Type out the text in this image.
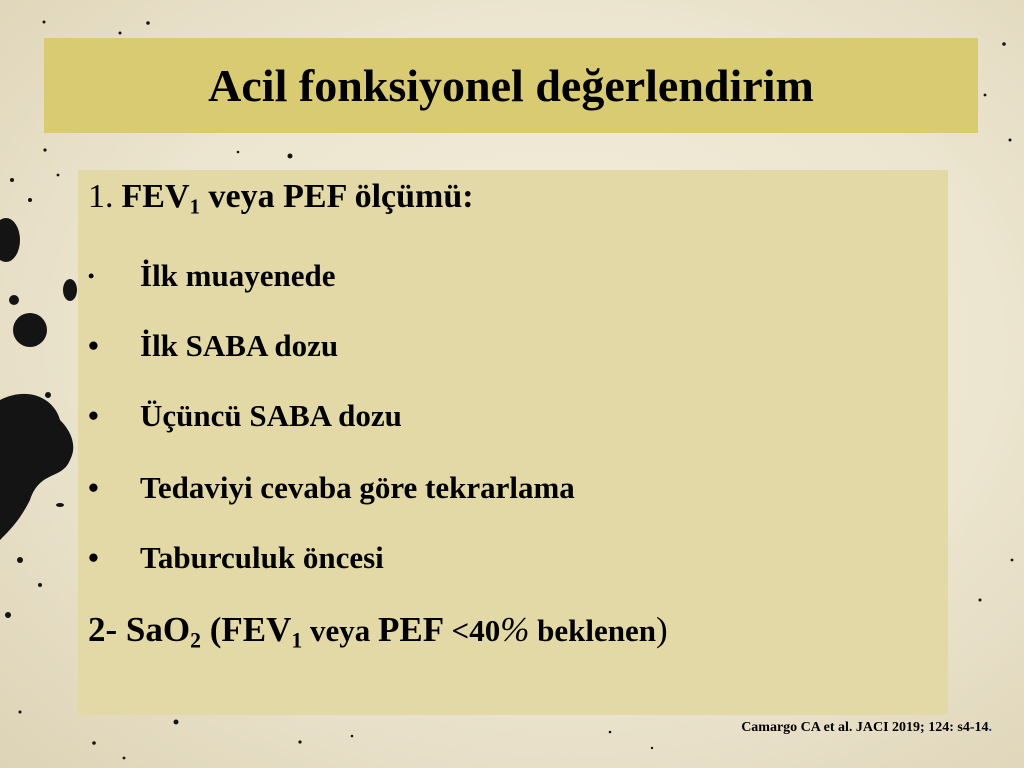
Acil fonksiyonel değerlendirim
1. $FEV_1$ veya PEF ölçümü:
•	İlk muayenede
•	İlk SABA dozu
•	Üçüncü SABA dozu
•	Tedaviyi cevaba göre tekrarlama
•	Taburculuk öncesi
2- SaO$_2$ ($FEV_1$ veya PEF <40% beklenen)
Camargo CA et al. JACI 2019; 124: s4-14.
